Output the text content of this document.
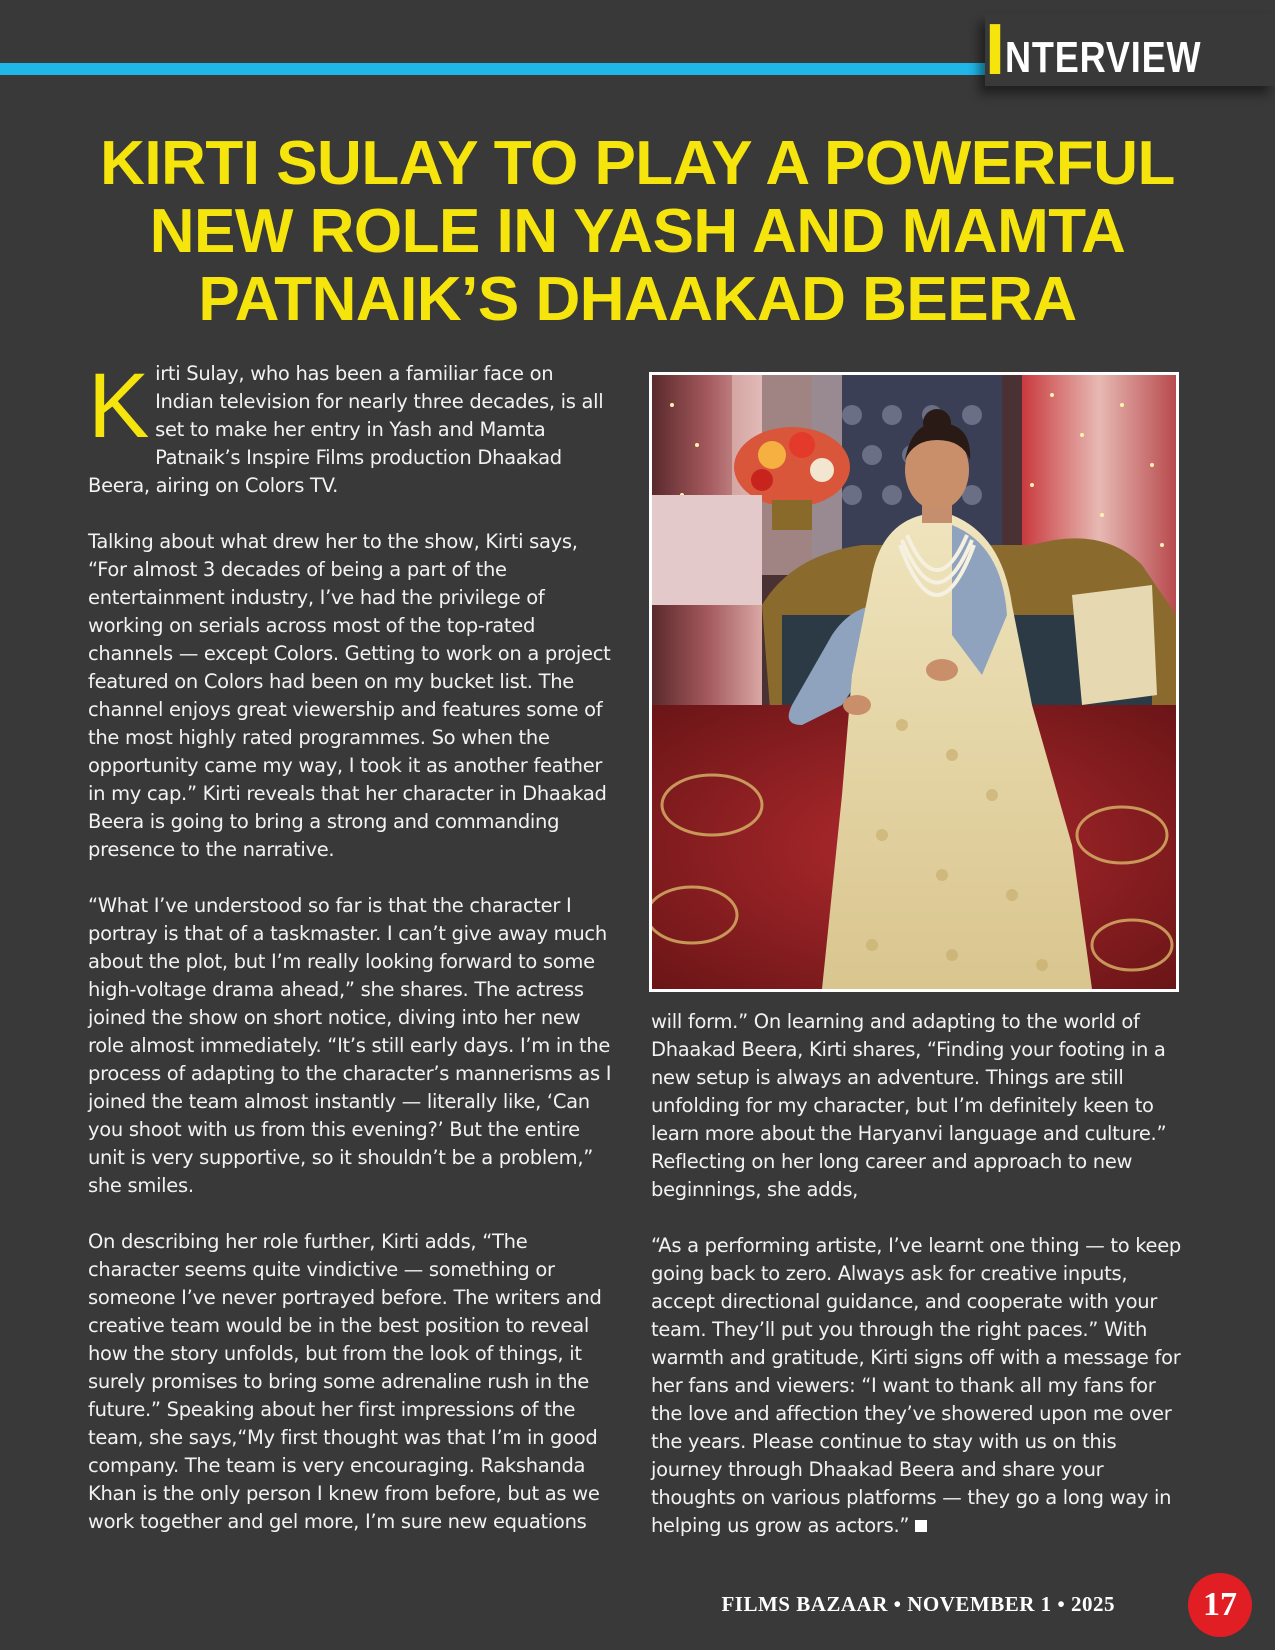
INTERVIEW
KIRTI SULAY TO PLAY A POWERFUL NEW ROLE IN YASH AND MAMTA PATNAIK’S DHAAKAD BEERA

Kirti Sulay, who has been a familiar face on Indian television for nearly three decades, is all set to make her entry in Yash and Mamta Patnaik’s Inspire Films production Dhaakad Beera, airing on Colors TV.

Talking about what drew her to the show, Kirti says, “For almost 3 decades of being a part of the entertainment industry, I’ve had the privilege of working on serials across most of the top-rated channels — except Colors. Getting to work on a project featured on Colors had been on my bucket list. The channel enjoys great viewership and features some of the most highly rated programmes. So when the opportunity came my way, I took it as another feather in my cap.” Kirti reveals that her character in Dhaakad Beera is going to bring a strong and commanding presence to the narrative.

“What I’ve understood so far is that the character I portray is that of a taskmaster. I can’t give away much about the plot, but I’m really looking forward to some high-voltage drama ahead,” she shares. The actress joined the show on short notice, diving into her new role almost immediately. “It’s still early days. I’m in the process of adapting to the character’s mannerisms as I joined the team almost instantly — literally like, ‘Can you shoot with us from this evening?’ But the entire unit is very supportive, so it shouldn’t be a problem,” she smiles.

On describing her role further, Kirti adds, “The character seems quite vindictive — something or someone I’ve never portrayed before. The writers and creative team would be in the best position to reveal how the story unfolds, but from the look of things, it surely promises to bring some adrenaline rush in the future.” Speaking about her first impressions of the team, she says,“My first thought was that I’m in good company. The team is very encouraging. Rakshanda Khan is the only person I knew from before, but as we work together and gel more, I’m sure new equations

will form.” On learning and adapting to the world of Dhaakad Beera, Kirti shares, “Finding your footing in a new setup is always an adventure. Things are still unfolding for my character, but I’m definitely keen to learn more about the Haryanvi language and culture.” Reflecting on her long career and approach to new beginnings, she adds,

“As a performing artiste, I’ve learnt one thing — to keep going back to zero. Always ask for creative inputs, accept directional guidance, and cooperate with your team. They’ll put you through the right paces.” With warmth and gratitude, Kirti signs off with a message for her fans and viewers: “I want to thank all my fans for the love and affection they’ve showered upon me over the years. Please continue to stay with us on this journey through Dhaakad Beera and share your thoughts on various platforms — they go a long way in helping us grow as actors.”

FILMS BAZAAR • NOVEMBER 1 • 2025	17
